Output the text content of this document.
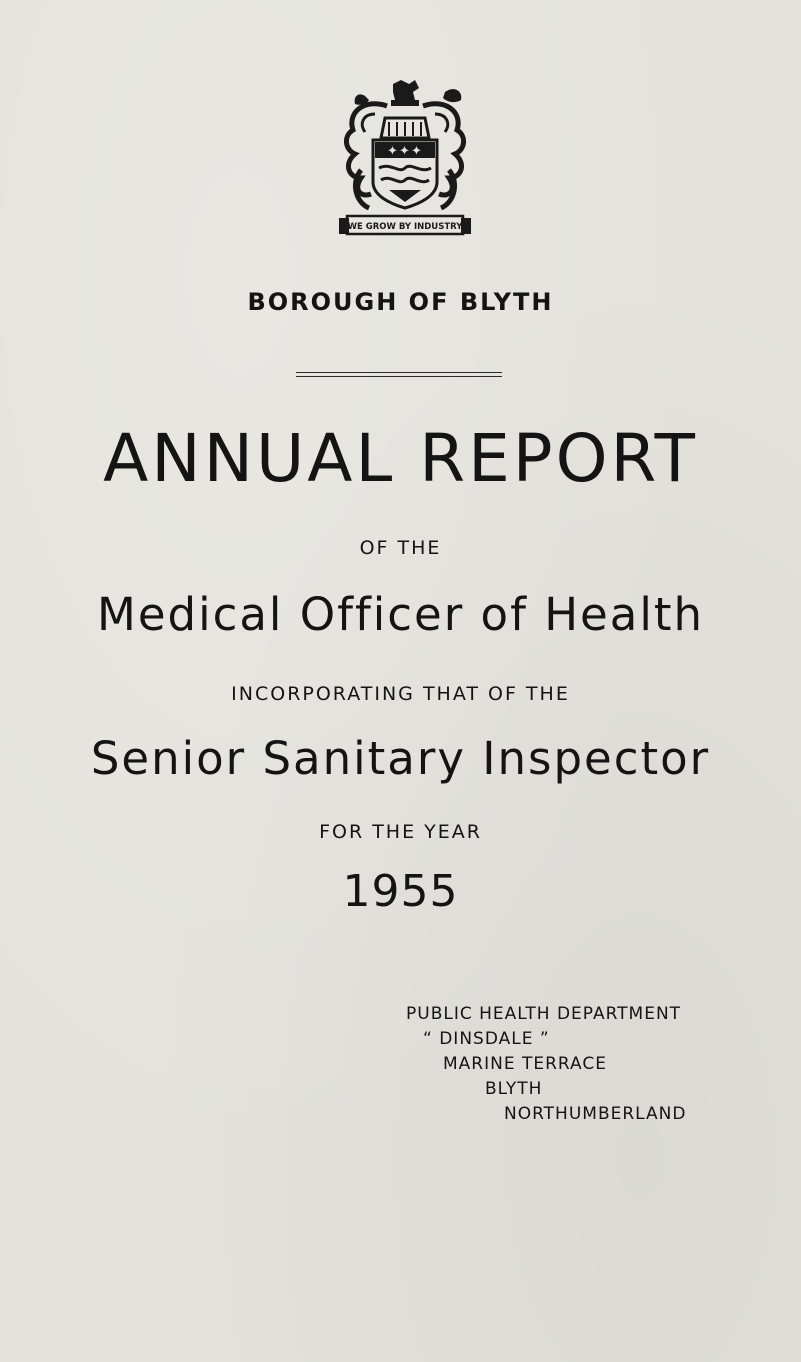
✦ ✦ ✦
WE GROW BY INDUSTRY
BOROUGH OF BLYTH
ANNUAL REPORT
OF THE
Medical Officer of Health
INCORPORATING THAT OF THE
Senior Sanitary Inspector
FOR THE YEAR
1955
PUBLIC HEALTH DEPARTMENT
“ DINSDALE ”
MARINE TERRACE
BLYTH
NORTHUMBERLAND
